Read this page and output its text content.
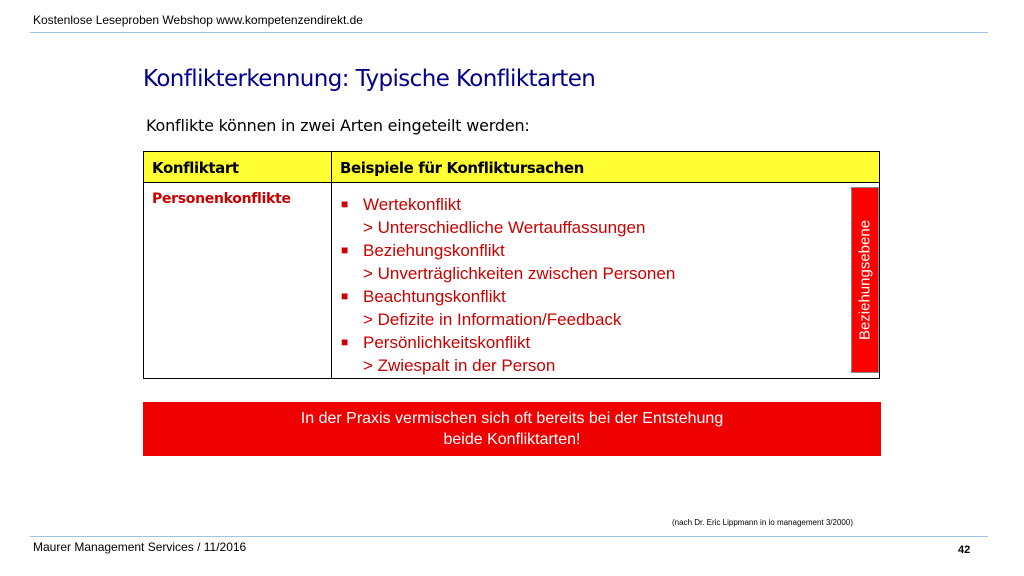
Kostenlose Leseproben Webshop www.kompetenzendirekt.de
Konflikterkennung: Typische Konfliktarten
Konflikte können in zwei Arten eingeteilt werden:
Konfliktart	Beispiele für Konfliktursachen
Personenkonflikte	■ Wertekonflikt
> Unterschiedliche Wertauffassungen
■ Beziehungskonflikt
> Unverträglichkeiten zwischen Personen
■ Beachtungskonflikt
> Defizite in Information/Feedback
■ Persönlichkeitskonflikt
> Zwiespalt in der Person
Beziehungsebene
In der Praxis vermischen sich oft bereits bei der Entstehung
beide Konfliktarten!
(nach Dr. Eric Lippmann in io management 3/2000)
Maurer Management Services / 11/2016	42
